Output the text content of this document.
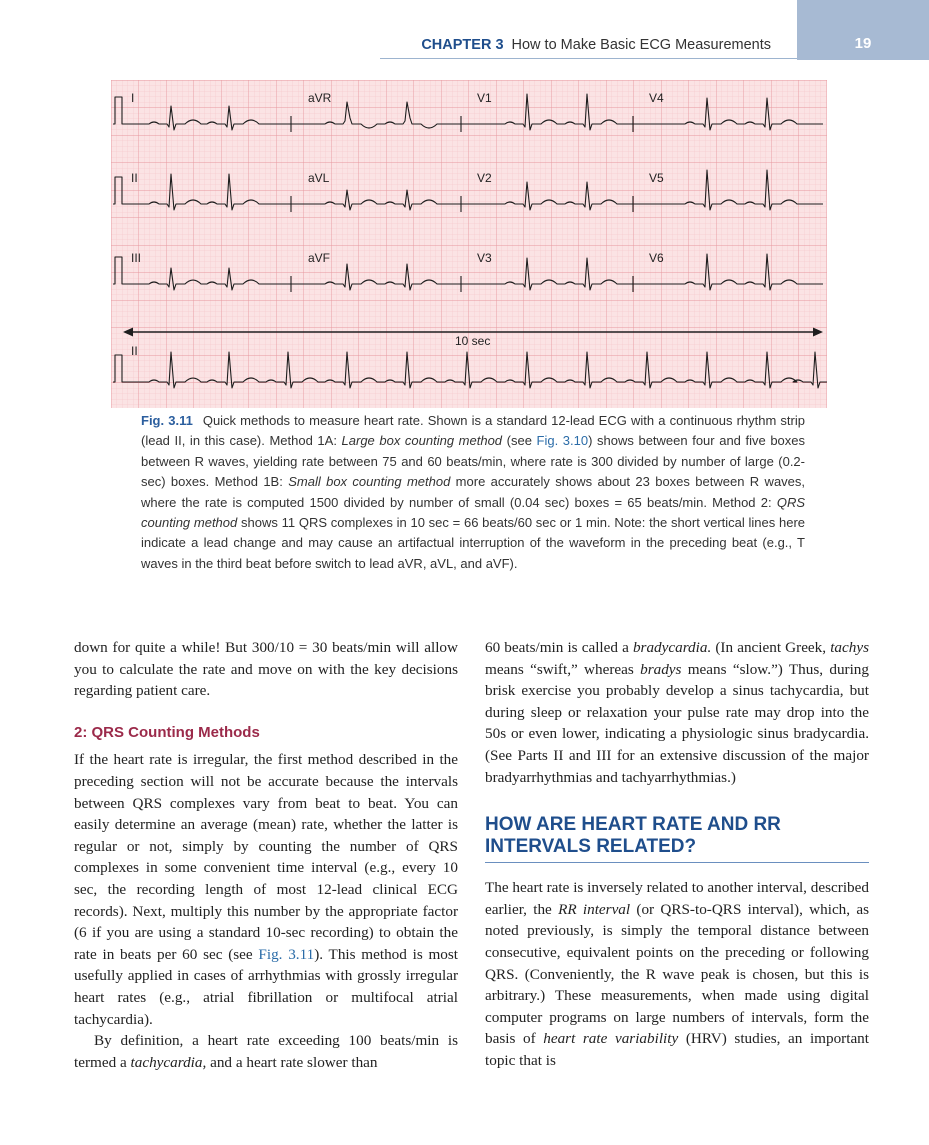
CHAPTER 3 How to Make Basic ECG Measurements	19
I	aVR	V1	V4
II	aVL	V2	V5
III	aVF	V3	V6
10 sec
II

Fig. 3.11 Quick methods to measure heart rate. Shown is a standard 12-lead ECG with a continuous rhythm strip (lead II, in this case). Method 1A: Large box counting method (see Fig. 3.10) shows between four and five boxes between R waves, yielding rate between 75 and 60 beats/min, where rate is 300 divided by number of large (0.2-sec) boxes. Method 1B: Small box counting method more accurately shows about 23 boxes between R waves, where the rate is computed 1500 divided by number of small (0.04 sec) boxes = 65 beats/min. Method 2: QRS counting method shows 11 QRS complexes in 10 sec = 66 beats/60 sec or 1 min. Note: the short vertical lines here indicate a lead change and may cause an artifactual interruption of the waveform in the preceding beat (e.g., T waves in the third beat before switch to lead aVR, aVL, and aVF).

down for quite a while! But 300/10 = 30 beats/min will allow you to calculate the rate and move on with the key decisions regarding patient care.

2: QRS Counting Methods

If the heart rate is irregular, the first method described in the preceding section will not be accurate because the intervals between QRS complexes vary from beat to beat. You can easily determine an average (mean) rate, whether the latter is regular or not, simply by counting the number of QRS complexes in some convenient time interval (e.g., every 10 sec, the recording length of most 12-lead clinical ECG records). Next, multiply this number by the appropriate factor (6 if you are using a standard 10-sec recording) to obtain the rate in beats per 60 sec (see Fig. 3.11). This method is most usefully applied in cases of arrhythmias with grossly irregular heart rates (e.g., atrial fibrillation or multifocal atrial tachycardia).

By definition, a heart rate exceeding 100 beats/min is termed a tachycardia, and a heart rate slower than

60 beats/min is called a bradycardia. (In ancient Greek, tachys means “swift,” whereas bradys means “slow.”) Thus, during brisk exercise you probably develop a sinus tachycardia, but during sleep or relaxation your pulse rate may drop into the 50s or even lower, indicating a physiologic sinus bradycardia. (See Parts II and III for an extensive discussion of the major bradyarrhythmias and tachyarrhythmias.)

HOW ARE HEART RATE AND RR INTERVALS RELATED?

The heart rate is inversely related to another interval, described earlier, the RR interval (or QRS-to-QRS interval), which, as noted previously, is simply the temporal distance between consecutive, equivalent points on the preceding or following QRS. (Conveniently, the R wave peak is chosen, but this is arbitrary.) These measurements, when made using digital computer programs on large numbers of intervals, form the basis of heart rate variability (HRV) studies, an important topic that is
